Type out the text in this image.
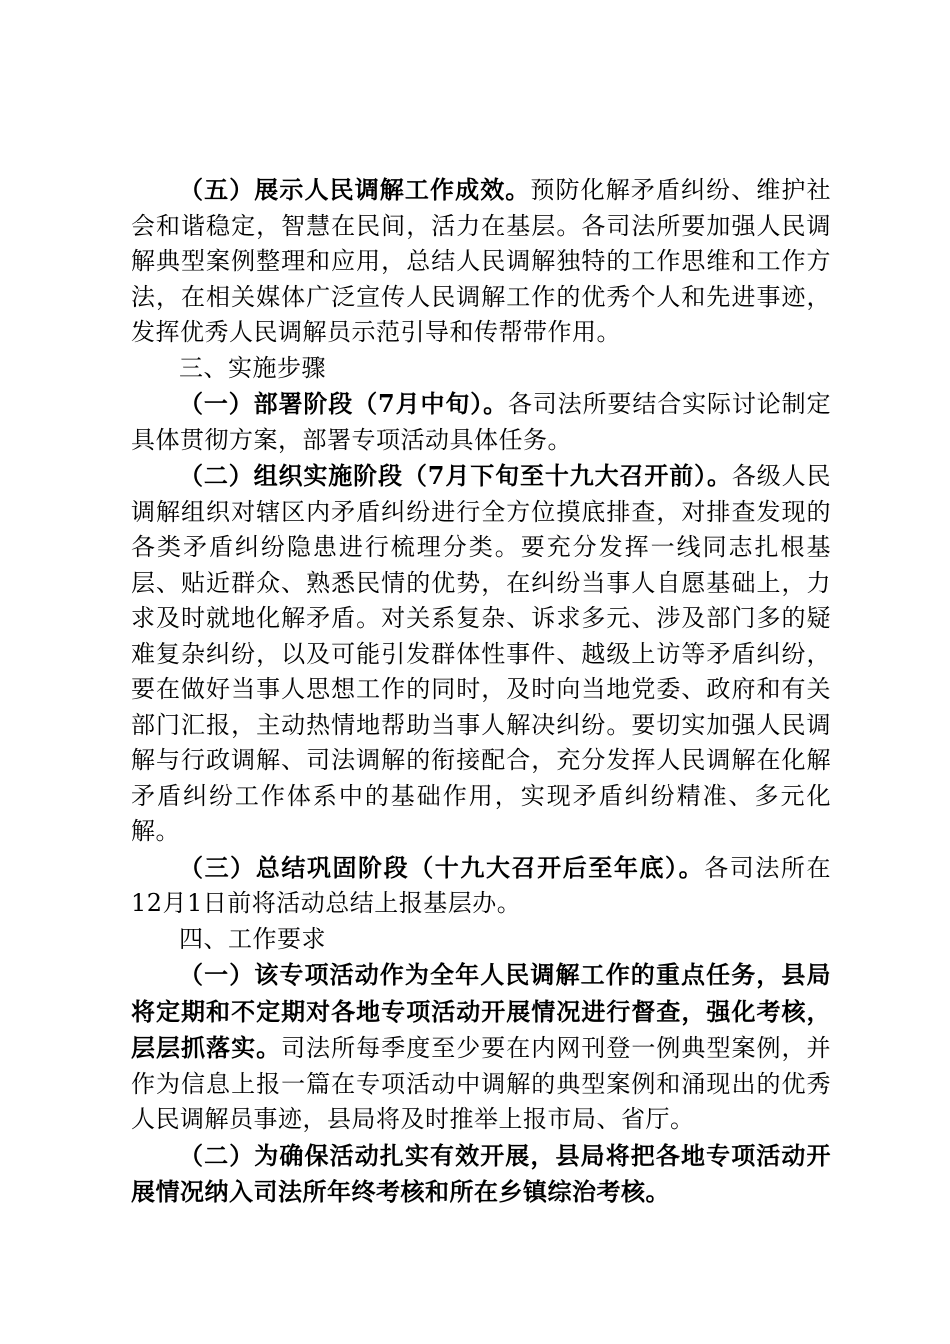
（五）展示人民调解工作成效。预防化解矛盾纠纷、维护社会和谐稳定，智慧在民间，活力在基层。各司法所要加强人民调解典型案例整理和应用，总结人民调解独特的工作思维和工作方法，在相关媒体广泛宣传人民调解工作的优秀个人和先进事迹，发挥优秀人民调解员示范引导和传帮带作用。

三、实施步骤

（一）部署阶段（7月中旬）。各司法所要结合实际讨论制定具体贯彻方案，部署专项活动具体任务。

（二）组织实施阶段（7月下旬至十九大召开前）。各级人民调解组织对辖区内矛盾纠纷进行全方位摸底排查，对排查发现的各类矛盾纠纷隐患进行梳理分类。要充分发挥一线同志扎根基层、贴近群众、熟悉民情的优势，在纠纷当事人自愿基础上，力求及时就地化解矛盾。对关系复杂、诉求多元、涉及部门多的疑难复杂纠纷，以及可能引发群体性事件、越级上访等矛盾纠纷，要在做好当事人思想工作的同时，及时向当地党委、政府和有关部门汇报，主动热情地帮助当事人解决纠纷。要切实加强人民调解与行政调解、司法调解的衔接配合，充分发挥人民调解在化解矛盾纠纷工作体系中的基础作用，实现矛盾纠纷精准、多元化解。

（三）总结巩固阶段（十九大召开后至年底）。各司法所在12月1日前将活动总结上报基层办。

四、工作要求

（一）该专项活动作为全年人民调解工作的重点任务，县局将定期和不定期对各地专项活动开展情况进行督查，强化考核，层层抓落实。司法所每季度至少要在内网刊登一例典型案例，并作为信息上报一篇在专项活动中调解的典型案例和涌现出的优秀人民调解员事迹，县局将及时推举上报市局、省厅。

（二）为确保活动扎实有效开展，县局将把各地专项活动开展情况纳入司法所年终考核和所在乡镇综治考核。
